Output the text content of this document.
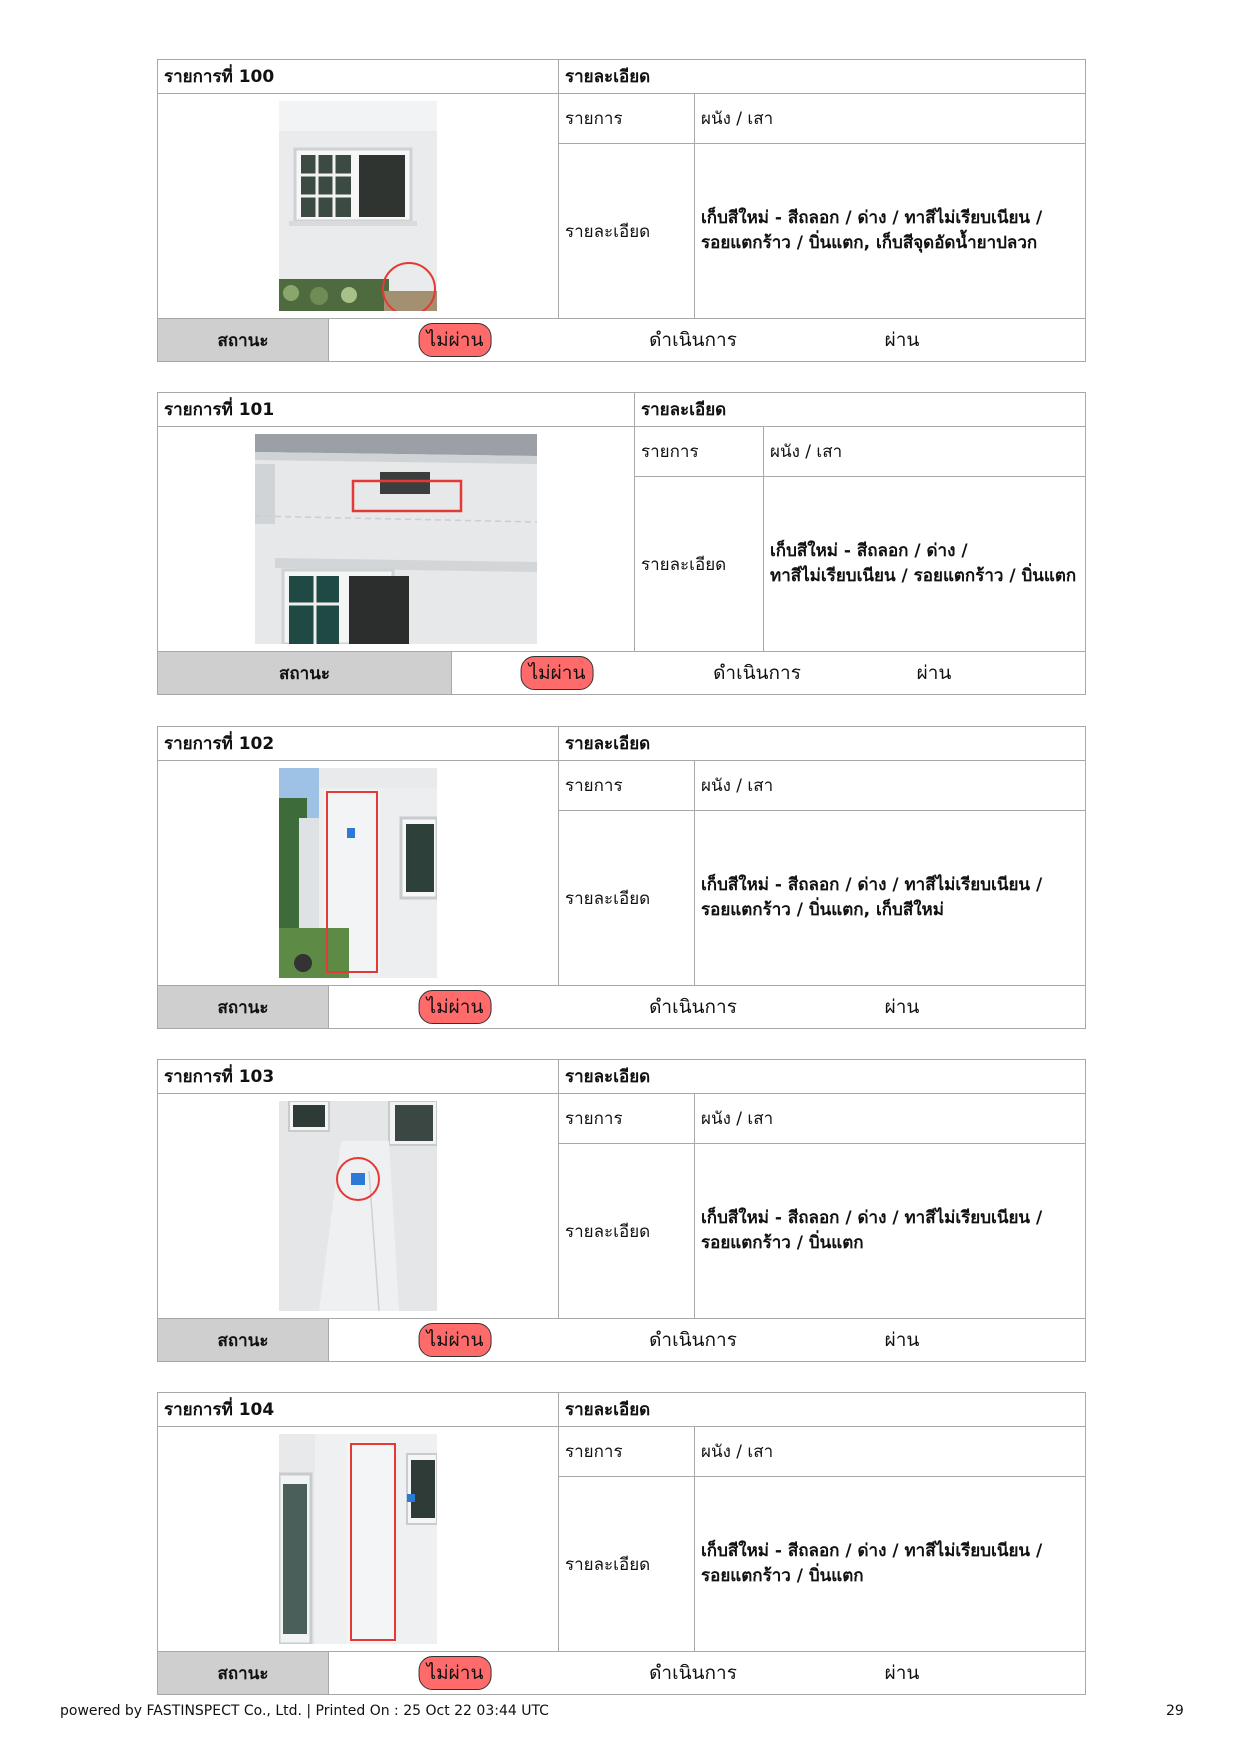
รายการที่ 100	รายละเอียด	
	รายการ	ผนัง / เสา
	รายละเอียด	เก็บสีใหม่ - สีถลอก / ด่าง / ทาสีไม่เรียบเนียน /
รอยแตกร้าว / บิ่นแตก, เก็บสีจุดอัดน้ำยาปลวก
สถานะ	ไม่ผ่าน	ดำเนินการ	ผ่าน
รายการที่ 101	รายละเอียด	
	รายการ	ผนัง / เสา
	รายละเอียด	เก็บสีใหม่ - สีถลอก / ด่าง /
ทาสีไม่เรียบเนียน / รอยแตกร้าว / บิ่นแตก
สถานะ	ไม่ผ่าน	ดำเนินการ	ผ่าน
รายการที่ 102	รายละเอียด	
	รายการ	ผนัง / เสา
	รายละเอียด	เก็บสีใหม่ - สีถลอก / ด่าง / ทาสีไม่เรียบเนียน /
รอยแตกร้าว / บิ่นแตก, เก็บสีใหม่
สถานะ	ไม่ผ่าน	ดำเนินการ	ผ่าน
รายการที่ 103	รายละเอียด	
	รายการ	ผนัง / เสา
	รายละเอียด	เก็บสีใหม่ - สีถลอก / ด่าง / ทาสีไม่เรียบเนียน /
รอยแตกร้าว / บิ่นแตก
สถานะ	ไม่ผ่าน	ดำเนินการ	ผ่าน
รายการที่ 104	รายละเอียด	
	รายการ	ผนัง / เสา
	รายละเอียด	เก็บสีใหม่ - สีถลอก / ด่าง / ทาสีไม่เรียบเนียน /
รอยแตกร้าว / บิ่นแตก
สถานะ	ไม่ผ่าน	ดำเนินการ	ผ่าน
powered by FASTINSPECT Co., Ltd. | Printed On : 25 Oct 22 03:44 UTC	29
